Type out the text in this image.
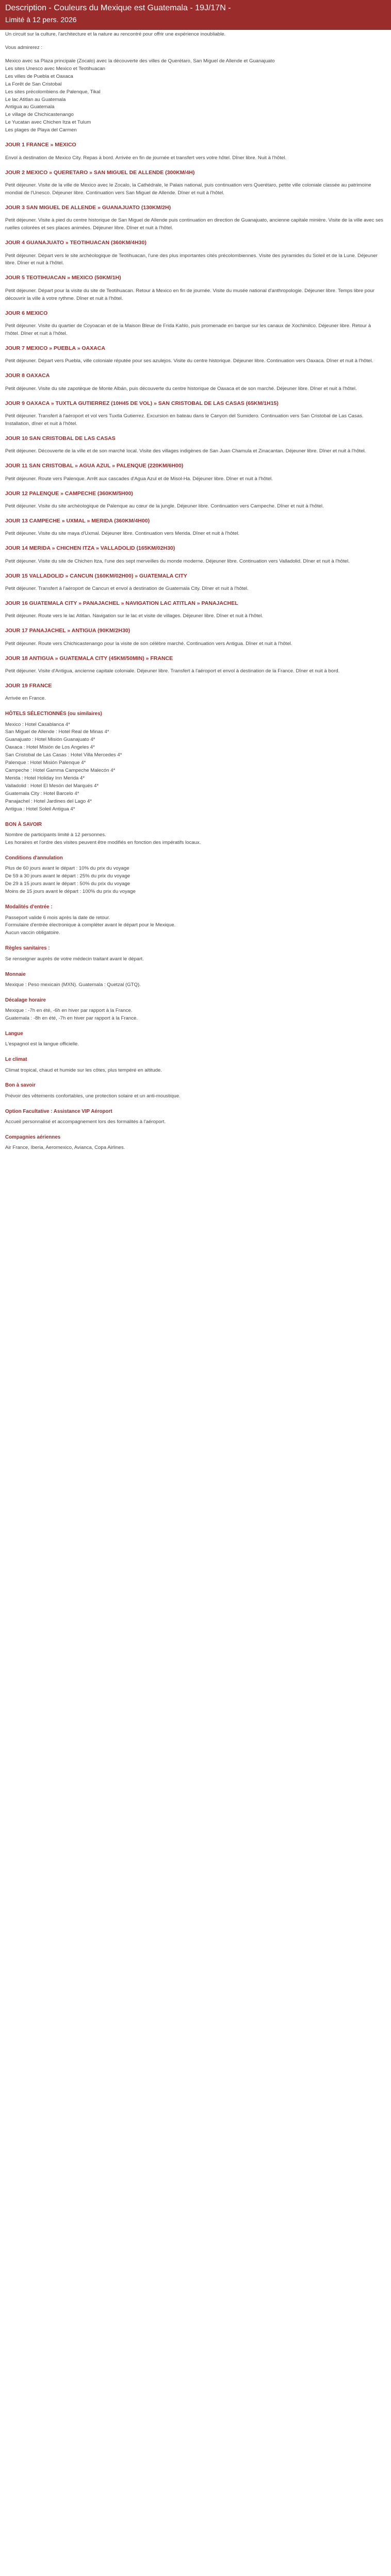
Description - Couleurs du Mexique est Guatemala - 19J/17N -
Limité à 12 pers. 2026

Un circuit sur la culture, l'architecture et la nature au rencontré pour offrir une expérience inoubliable.

Vous admirerez :

Mexico avec sa Plaza principale (Zocalo) avec la découverte des villes de Querétaro, San Miguel de Allende et Guanajuato
Les sites Unesco avec Mexico et Teotihuacan
Les villes de Puebla et Oaxaca
La Forêt de San Cristobal
Les sites précolombiens de Palenque, Tikal
Le lac Atitlan au Guatemala
Antigua au Guatemala
Le village de Chichicastenango
Le Yucatan avec Chichen Itza et Tulum
Les plages de Playa del Carmen
JOUR 1 FRANCE » MEXICO

Envol à destination de Mexico City. Repas à bord. Arrivée en fin de journée et transfert vers votre hôtel. Dîner libre. Nuit à l'hôtel.

JOUR 2 MEXICO » QUERETARO » SAN MIGUEL DE ALLENDE (300KM/4H)

Petit déjeuner. Visite de la ville de Mexico avec le Zocalo, la Cathédrale, le Palais national, puis continuation vers Querétaro, petite ville coloniale classée au patrimoine mondial de l'Unesco. Déjeuner libre. Continuation vers San Miguel de Allende. Dîner et nuit à l'hôtel.

JOUR 3 SAN MIGUEL DE ALLENDE » GUANAJUATO (130KM/2H)

Petit déjeuner. Visite à pied du centre historique de San Miguel de Allende puis continuation en direction de Guanajuato, ancienne capitale minière. Visite de la ville avec ses ruelles colorées et ses places animées. Déjeuner libre. Dîner et nuit à l'hôtel.

JOUR 4 GUANAJUATO » TEOTIHUACAN (360KM/4H30)

Petit déjeuner. Départ vers le site archéologique de Teotihuacan, l'une des plus importantes cités précolombiennes. Visite des pyramides du Soleil et de la Lune. Déjeuner libre. Dîner et nuit à l'hôtel.

JOUR 5 TEOTIHUACAN » MEXICO (50KM/1H)

Petit déjeuner. Départ pour la visite du site de Teotihuacan. Retour à Mexico en fin de journée. Visite du musée national d'anthropologie. Déjeuner libre. Temps libre pour découvrir la ville à votre rythme. Dîner et nuit à l'hôtel.

JOUR 6 MEXICO

Petit déjeuner. Visite du quartier de Coyoacan et de la Maison Bleue de Frida Kahlo, puis promenade en barque sur les canaux de Xochimilco. Déjeuner libre. Retour à l'hôtel. Dîner et nuit à l'hôtel.

JOUR 7 MEXICO » PUEBLA » OAXACA

Petit déjeuner. Départ vers Puebla, ville coloniale réputée pour ses azulejos. Visite du centre historique. Déjeuner libre. Continuation vers Oaxaca. Dîner et nuit à l'hôtel.

JOUR 8 OAXACA

Petit déjeuner. Visite du site zapotèque de Monte Albán, puis découverte du centre historique de Oaxaca et de son marché. Déjeuner libre. Dîner et nuit à l'hôtel.

JOUR 9 OAXACA » TUXTLA GUTIERREZ (10H45 DE VOL) » SAN CRISTOBAL DE LAS CASAS (65KM/1H15)

Petit déjeuner. Transfert à l'aéroport et vol vers Tuxtla Gutierrez. Excursion en bateau dans le Canyon del Sumidero. Continuation vers San Cristobal de Las Casas. Installation, dîner et nuit à l'hôtel.

JOUR 10 SAN CRISTOBAL DE LAS CASAS

Petit déjeuner. Découverte de la ville et de son marché local. Visite des villages indigènes de San Juan Chamula et Zinacantan. Déjeuner libre. Dîner et nuit à l'hôtel.

JOUR 11 SAN CRISTOBAL » AGUA AZUL » PALENQUE (220KM/6H00)

Petit déjeuner. Route vers Palenque. Arrêt aux cascades d'Agua Azul et de Misol-Ha. Déjeuner libre. Dîner et nuit à l'hôtel.

JOUR 12 PALENQUE » CAMPECHE (360KM/5H00)

Petit déjeuner. Visite du site archéologique de Palenque au cœur de la jungle. Déjeuner libre. Continuation vers Campeche. Dîner et nuit à l'hôtel.

JOUR 13 CAMPECHE » UXMAL » MERIDA (360KM/4H00)

Petit déjeuner. Visite du site maya d'Uxmal. Déjeuner libre. Continuation vers Merida. Dîner et nuit à l'hôtel.

JOUR 14 MERIDA » CHICHEN ITZA » VALLADOLID (165KM/02H30)

Petit déjeuner. Visite du site de Chichen Itza, l'une des sept merveilles du monde moderne. Déjeuner libre. Continuation vers Valladolid. Dîner et nuit à l'hôtel.

JOUR 15 VALLADOLID » CANCUN (160KM/02H00) » GUATEMALA CITY

Petit déjeuner. Transfert à l'aéroport de Cancun et envol à destination de Guatemala City. Dîner et nuit à l'hôtel.

JOUR 16 GUATEMALA CITY » PANAJACHEL » NAVIGATION LAC ATITLAN » PANAJACHEL

Petit déjeuner. Route vers le lac Atitlan. Navigation sur le lac et visite de villages. Déjeuner libre. Dîner et nuit à l'hôtel.

JOUR 17 PANAJACHEL » ANTIGUA (90KM/2H30)

Petit déjeuner. Route vers Chichicastenango pour la visite de son célèbre marché. Continuation vers Antigua. Dîner et nuit à l'hôtel.

JOUR 18 ANTIGUA » GUATEMALA CITY (45KM/50MIN) » FRANCE

Petit déjeuner. Visite d'Antigua, ancienne capitale coloniale. Déjeuner libre. Transfert à l'aéroport et envol à destination de la France. Dîner et nuit à bord.

JOUR 19 FRANCE

Arrivée en France.

HÔTELS SÉLECTIONNÉS (ou similaires)
Mexico : Hotel Casablanca 4*
San Miguel de Allende : Hotel Real de Minas 4*
Guanajuato : Hotel Misión Guanajuato 4*
Oaxaca : Hotel Misión de Los Angeles 4*
San Cristobal de Las Casas : Hotel Villa Mercedes 4*
Palenque : Hotel Misión Palenque 4*
Campeche : Hotel Gamma Campeche Malecón 4*
Merida : Hotel Holiday Inn Merida 4*
Valladolid : Hotel El Mesón del Marqués 4*
Guatemala City : Hotel Barcelo 4*
Panajachel : Hotel Jardines del Lago 4*
Antigua : Hotel Soleil Antigua 4*
BON À SAVOIR
Nombre de participants limité à 12 personnes.
Les horaires et l'ordre des visites peuvent être modifiés en fonction des impératifs locaux.
Conditions d'annulation
Plus de 60 jours avant le départ : 10% du prix du voyage
De 59 à 30 jours avant le départ : 25% du prix du voyage
De 29 à 15 jours avant le départ : 50% du prix du voyage
Moins de 15 jours avant le départ : 100% du prix du voyage
Modalités d'entrée :
Passeport valide 6 mois après la date de retour.
Formulaire d'entrée électronique à compléter avant le départ pour le Mexique.
Aucun vaccin obligatoire.
Règles sanitaires :
Se renseigner auprès de votre médecin traitant avant le départ.
Monnaie
Mexique : Peso mexicain (MXN). Guatemala : Quetzal (GTQ).
Décalage horaire
Mexique : -7h en été, -6h en hiver par rapport à la France.
Guatemala : -8h en été, -7h en hiver par rapport à la France.
Langue
L'espagnol est la langue officielle.
Le climat
Climat tropical, chaud et humide sur les côtes, plus tempéré en altitude.
Bon à savoir
Prévoir des vêtements confortables, une protection solaire et un anti-moustique.
Option Facultative : Assistance VIP Aéroport
Accueil personnalisé et accompagnement lors des formalités à l'aéroport.
Compagnies aériennes
Air France, Iberia, Aeromexico, Avianca, Copa Airlines.
